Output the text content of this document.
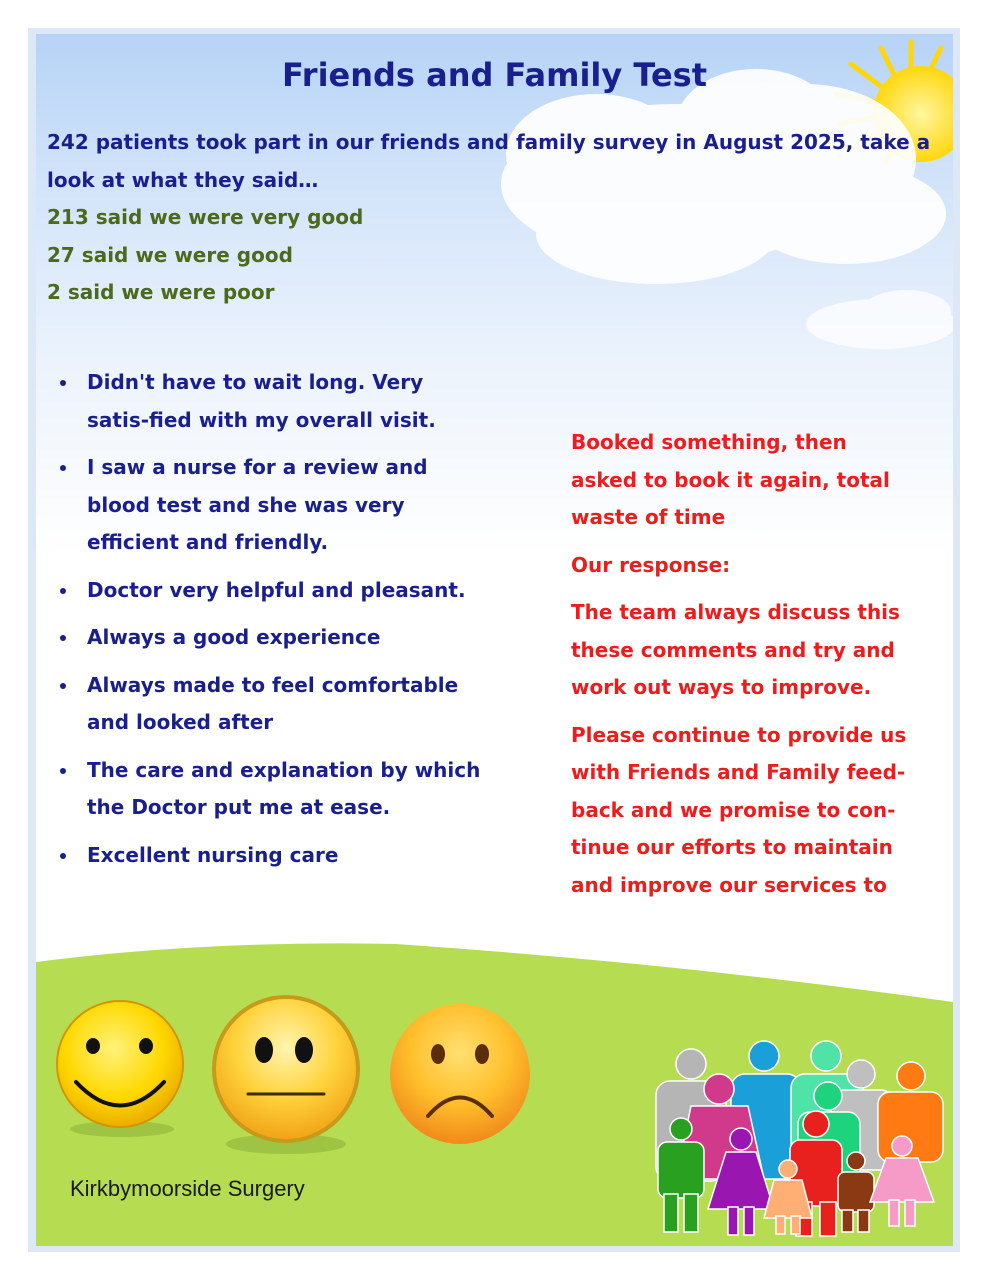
Friends and Family Test

242 patients took part in our friends and family survey in August 2025, take a look at what they said…

213 said we were very good

27 said we were good

2 said we were poor

Didn't have to wait long. Very satis-fied with my overall visit.
I saw a nurse for a review and blood test and she was very efficient and friendly.
Doctor very helpful and pleasant.
Always a good experience
Always made to feel comfortable and looked after
The care and explanation by which the Doctor put me at ease.
Excellent nursing care

Booked something, then asked to book it again, total waste of time

Our response:

The team always discuss this these comments and try and work out ways to improve.

Please continue to provide us with Friends and Family feed-back and we promise to con-tinue our efforts to maintain and improve our services to

Kirkbymoorside Surgery
